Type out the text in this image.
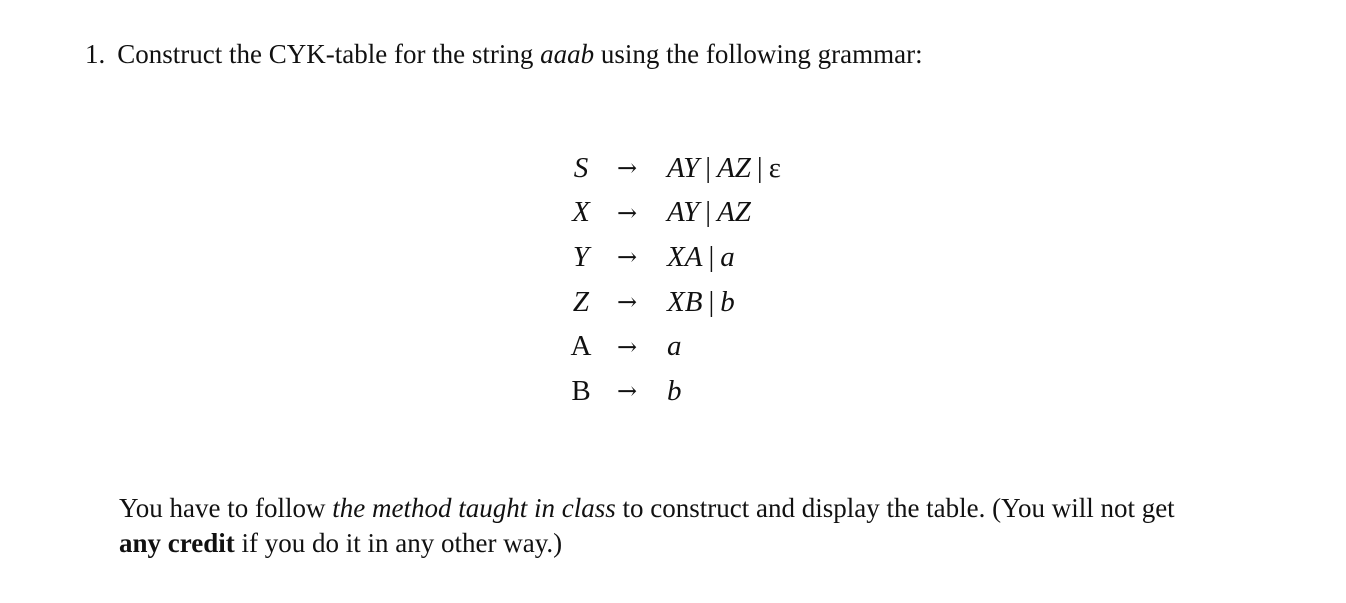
1. Construct the CYK-table for the string aaab using the following grammar:
S	→	AY | AZ | ε
X	→	AY | AZ
Y	→	XA | a
Z	→	XB | b
A	→	a
B	→	b

You have to follow the method taught in class to construct and display the table. (You will not get

any credit if you do it in any other way.)
